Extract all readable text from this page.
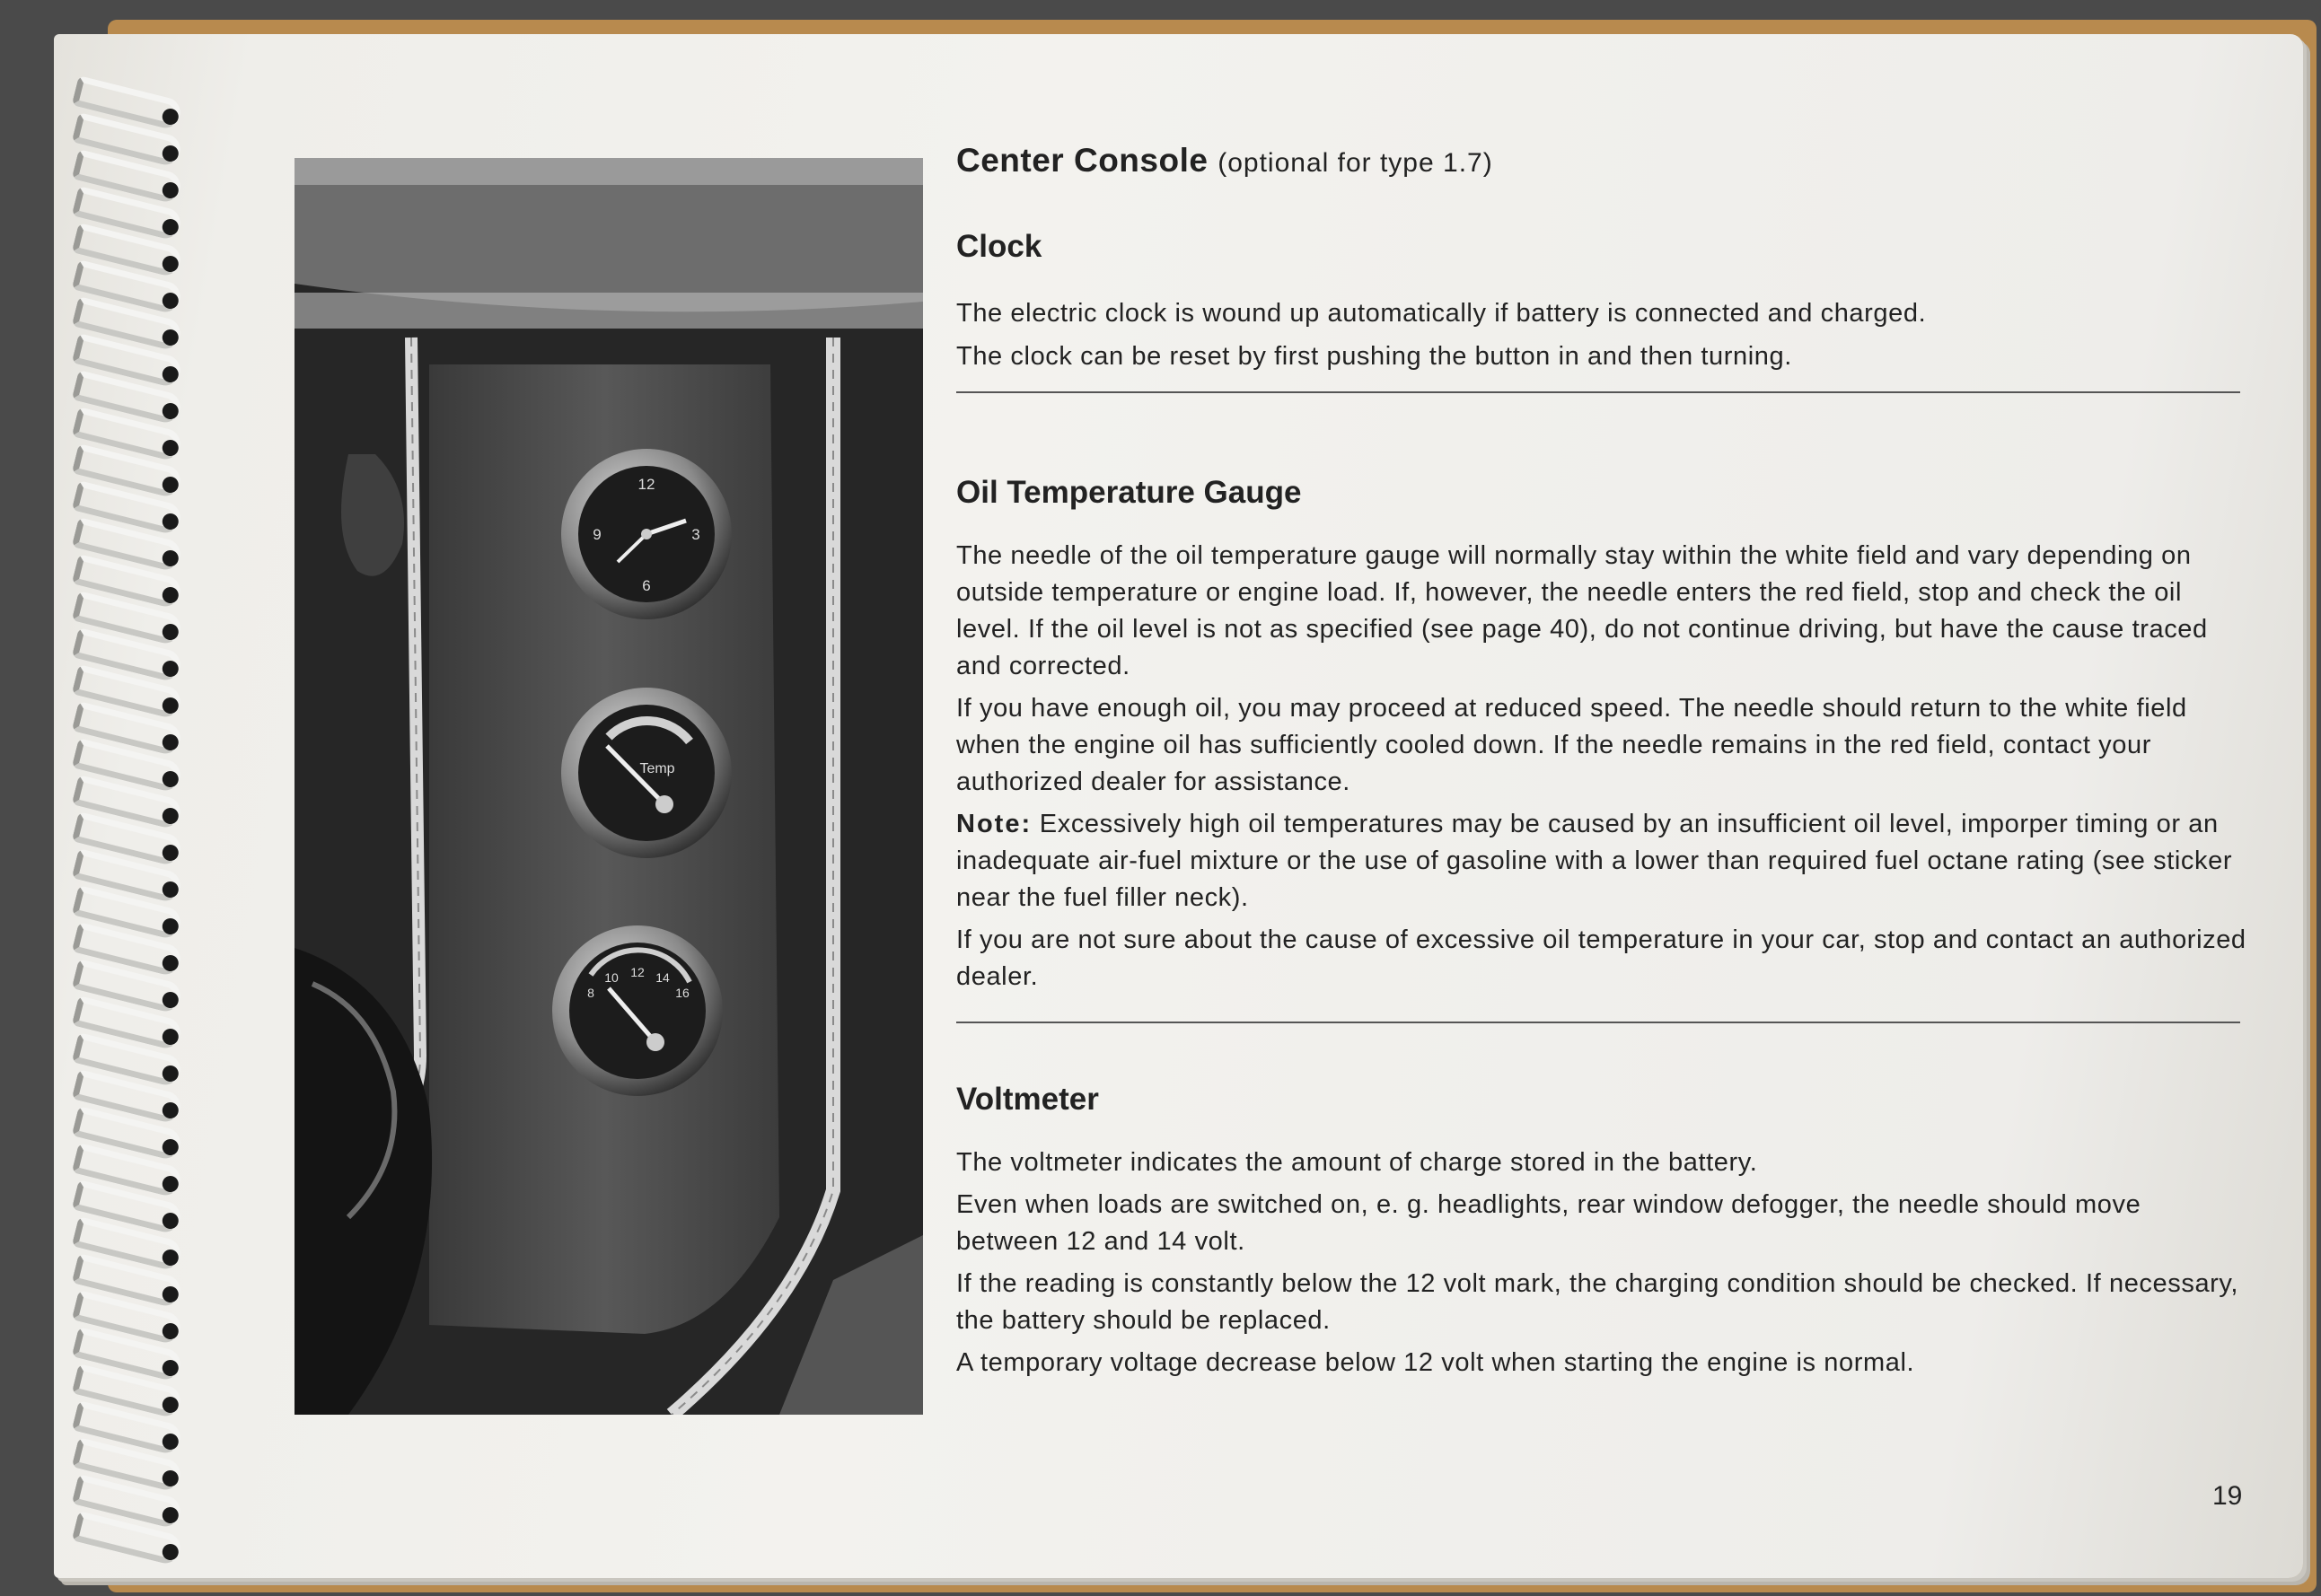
12
3
6
9
Temp
8
10 12 14
16
Center Console (optional for type 1.7)
Clock

The electric clock is wound up automatically if battery is connected and charged.

The clock can be reset by first pushing the button in and then turning.

Oil Temperature Gauge

The needle of the oil temperature gauge will normally stay within the white field and vary depending on outside temperature or engine load. If, however, the needle enters the red field, stop and check the oil level. If the oil level is not as specified (see page 40), do not continue driving, but have the cause traced and corrected.

If you have enough oil, you may proceed at reduced speed. The needle should return to the white field when the engine oil has sufficiently cooled down. If the needle remains in the red field, contact your authorized dealer for assistance.

Note: Excessively high oil temperatures may be caused by an insufficient oil level, imporper timing or an inadequate air-fuel mixture or the use of gasoline with a lower than required fuel octane rating (see sticker near the fuel filler neck).

If you are not sure about the cause of excessive oil temperature in your car, stop and contact an authorized dealer.

Voltmeter

The voltmeter indicates the amount of charge stored in the battery.

Even when loads are switched on, e. g. headlights, rear window defogger, the needle should move between 12 and 14 volt.

If the reading is constantly below the 12 volt mark, the charging condition should be checked. If necessary, the battery should be replaced.

A temporary voltage decrease below 12 volt when starting the engine is normal.

19
